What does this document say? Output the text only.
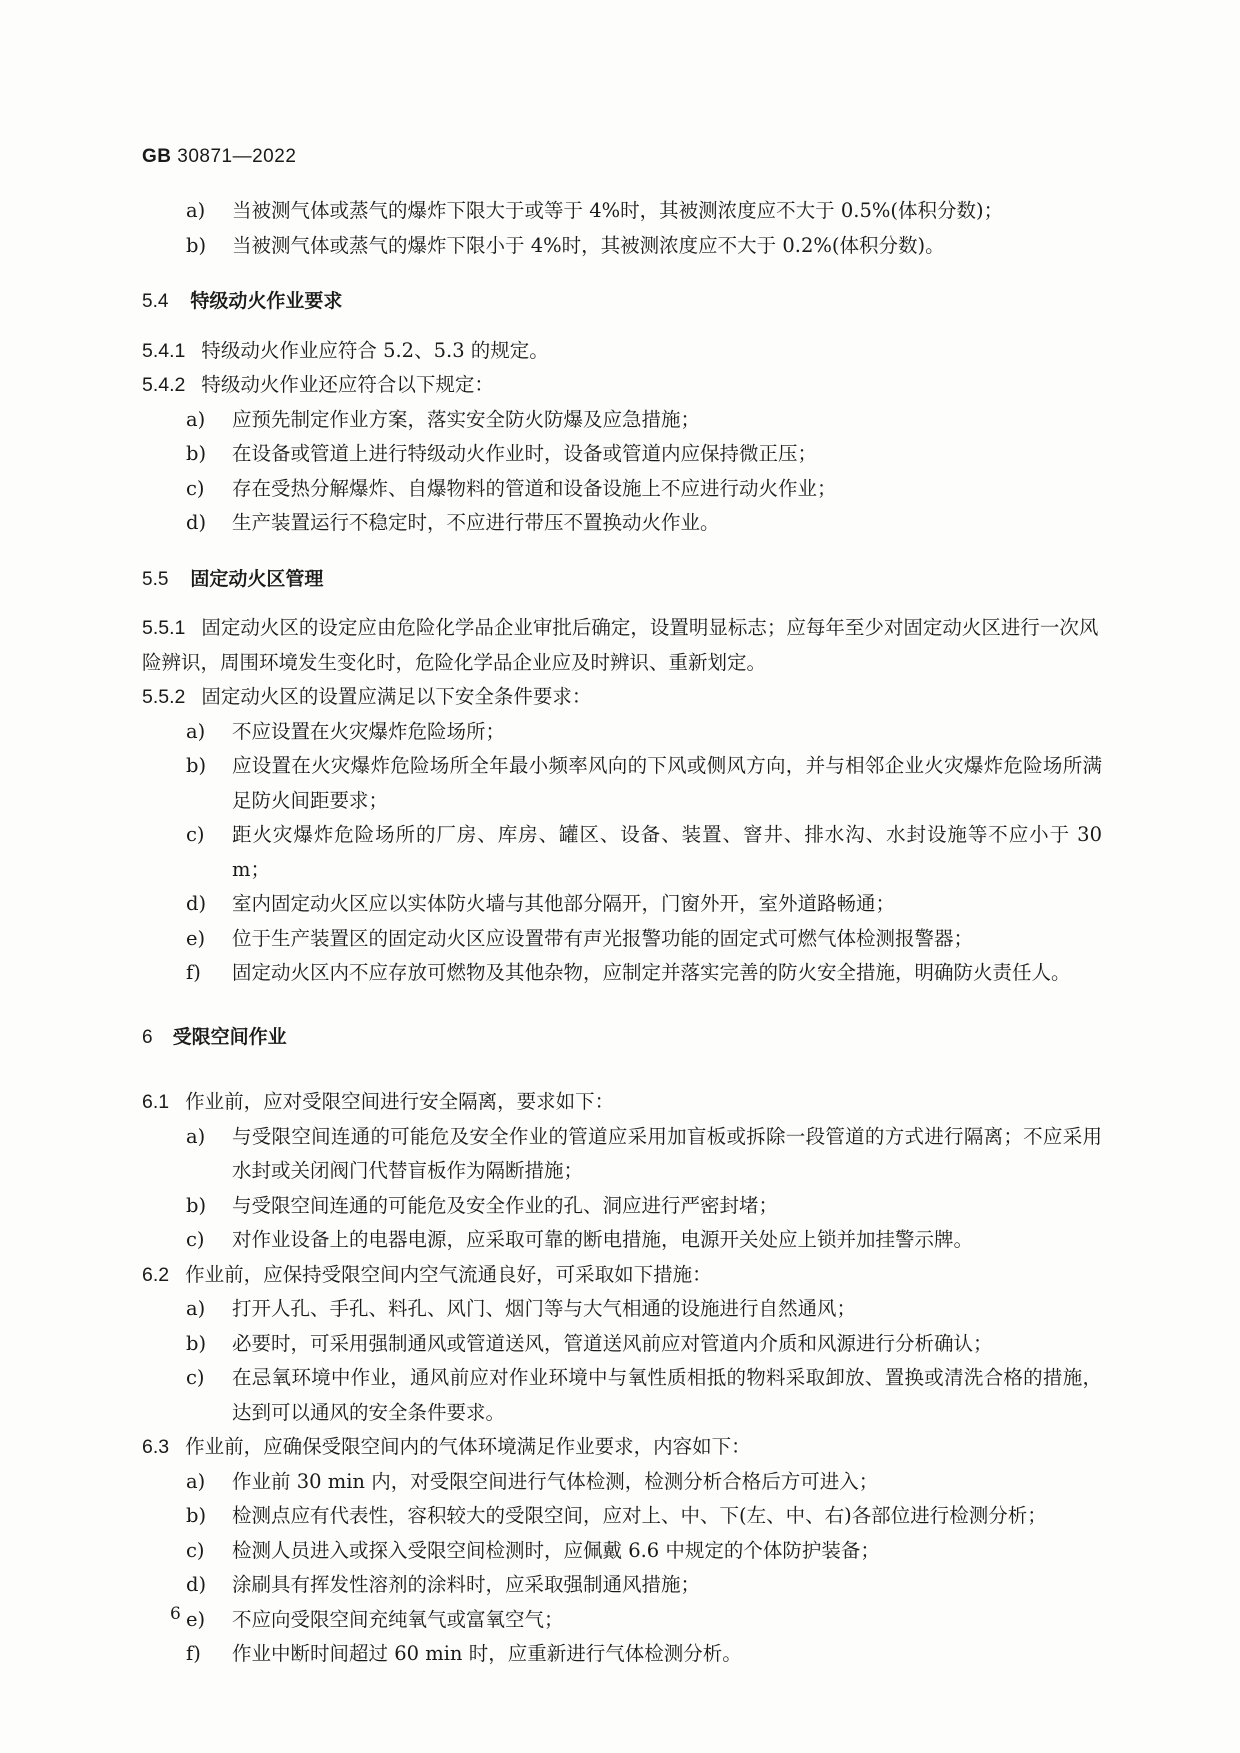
GB 30871—2022
a)	当被测气体或蒸气的爆炸下限大于或等于 4%时，其被测浓度应不大于 0.5%(体积分数)；
b)	当被测气体或蒸气的爆炸下限小于 4%时，其被测浓度应不大于 0.2%(体积分数)。
5.4 特级动火作业要求
5.4.1 特级动火作业应符合 5.2、5.3 的规定。
5.4.2 特级动火作业还应符合以下规定：
a)	应预先制定作业方案，落实安全防火防爆及应急措施；
b)	在设备或管道上进行特级动火作业时，设备或管道内应保持微正压；
c)	存在受热分解爆炸、自爆物料的管道和设备设施上不应进行动火作业；
d)	生产装置运行不稳定时，不应进行带压不置换动火作业。
5.5 固定动火区管理
5.5.1 固定动火区的设定应由危险化学品企业审批后确定，设置明显标志；应每年至少对固定动火区进行一次风险辨识，周围环境发生变化时，危险化学品企业应及时辨识、重新划定。
5.5.2 固定动火区的设置应满足以下安全条件要求：
a)	不应设置在火灾爆炸危险场所；
b)	应设置在火灾爆炸危险场所全年最小频率风向的下风或侧风方向，并与相邻企业火灾爆炸危险场所满足防火间距要求；
c)	距火灾爆炸危险场所的厂房、库房、罐区、设备、装置、窨井、排水沟、水封设施等不应小于 30 m；
d)	室内固定动火区应以实体防火墙与其他部分隔开，门窗外开，室外道路畅通；
e)	位于生产装置区的固定动火区应设置带有声光报警功能的固定式可燃气体检测报警器；
f)	固定动火区内不应存放可燃物及其他杂物，应制定并落实完善的防火安全措施，明确防火责任人。
6 受限空间作业
6.1 作业前，应对受限空间进行安全隔离，要求如下：
a)	与受限空间连通的可能危及安全作业的管道应采用加盲板或拆除一段管道的方式进行隔离；不应采用水封或关闭阀门代替盲板作为隔断措施；
b)	与受限空间连通的可能危及安全作业的孔、洞应进行严密封堵；
c)	对作业设备上的电器电源，应采取可靠的断电措施，电源开关处应上锁并加挂警示牌。
6.2 作业前，应保持受限空间内空气流通良好，可采取如下措施：
a)	打开人孔、手孔、料孔、风门、烟门等与大气相通的设施进行自然通风；
b)	必要时，可采用强制通风或管道送风，管道送风前应对管道内介质和风源进行分析确认；
c)	在忌氧环境中作业，通风前应对作业环境中与氧性质相抵的物料采取卸放、置换或清洗合格的措施，达到可以通风的安全条件要求。
6.3 作业前，应确保受限空间内的气体环境满足作业要求，内容如下：
a)	作业前 30 min 内，对受限空间进行气体检测，检测分析合格后方可进入；
b)	检测点应有代表性，容积较大的受限空间，应对上、中、下(左、中、右)各部位进行检测分析；
c)	检测人员进入或探入受限空间检测时，应佩戴 6.6 中规定的个体防护装备；
d)	涂刷具有挥发性溶剂的涂料时，应采取强制通风措施；
e)	不应向受限空间充纯氧气或富氧空气；
f)	作业中断时间超过 60 min 时，应重新进行气体检测分析。
6
